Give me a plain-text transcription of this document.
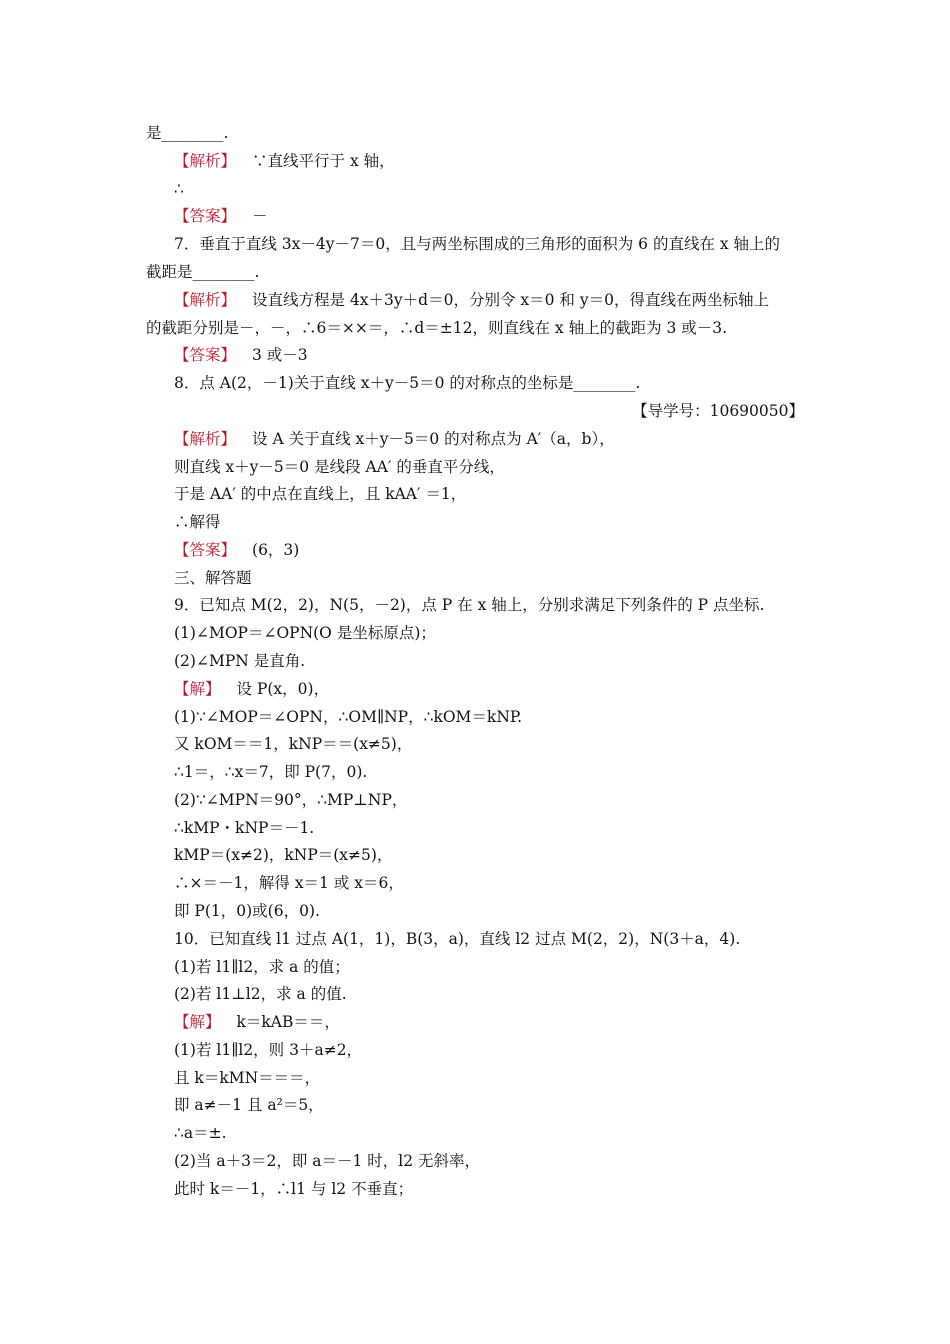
是________.
【解析】 ∵直线平行于 x 轴，
∴
【答案】 －
7．垂直于直线 3x－4y－7＝0，且与两坐标围成的三角形的面积为 6 的直线在 x 轴上的
截距是________.
【解析】 设直线方程是 4x＋3y＋d＝0，分别令 x＝0 和 y＝0，得直线在两坐标轴上
的截距分别是－，－，∴6＝××＝，∴d＝±12，则直线在 x 轴上的截距为 3 或－3.
【答案】 3 或－3
8．点 A(2，－1)关于直线 x＋y－5＝0 的对称点的坐标是________.
【导学号：10690050】
【解析】 设 A 关于直线 x＋y－5＝0 的对称点为 A′（a，b），
则直线 x＋y－5＝0 是线段 AA′ 的垂直平分线，
于是 AA′ 的中点在直线上，且 kAA′ ＝1，
∴解得
【答案】 (6，3)
三、解答题
9．已知点 M(2，2)，N(5，－2)，点 P 在 x 轴上，分别求满足下列条件的 P 点坐标.
(1)∠MOP＝∠OPN(O 是坐标原点)；
(2)∠MPN 是直角.
【解】 设 P(x，0)，
(1)∵∠MOP＝∠OPN，∴OM∥NP，∴kOM＝kNP.
又 kOM＝＝1，kNP＝＝(x≠5)，
∴1＝，∴x＝7，即 P(7，0).
(2)∵∠MPN＝90°，∴MP⊥NP，
∴kMP・kNP＝－1.
kMP＝(x≠2)，kNP＝(x≠5)，
∴×＝－1，解得 x＝1 或 x＝6，
即 P(1，0)或(6，0).
10．已知直线 l1 过点 A(1，1)，B(3，a)，直线 l2 过点 M(2，2)，N(3＋a，4).
(1)若 l1∥l2，求 a 的值；
(2)若 l1⊥l2，求 a 的值.
【解】 k＝kAB＝＝，
(1)若 l1∥l2，则 3＋a≠2，
且 k＝kMN＝＝＝，
即 a≠－1 且 a²＝5，
∴a＝±.
(2)当 a＋3＝2，即 a＝－1 时，l2 无斜率，
此时 k＝－1，∴l1 与 l2 不垂直；
